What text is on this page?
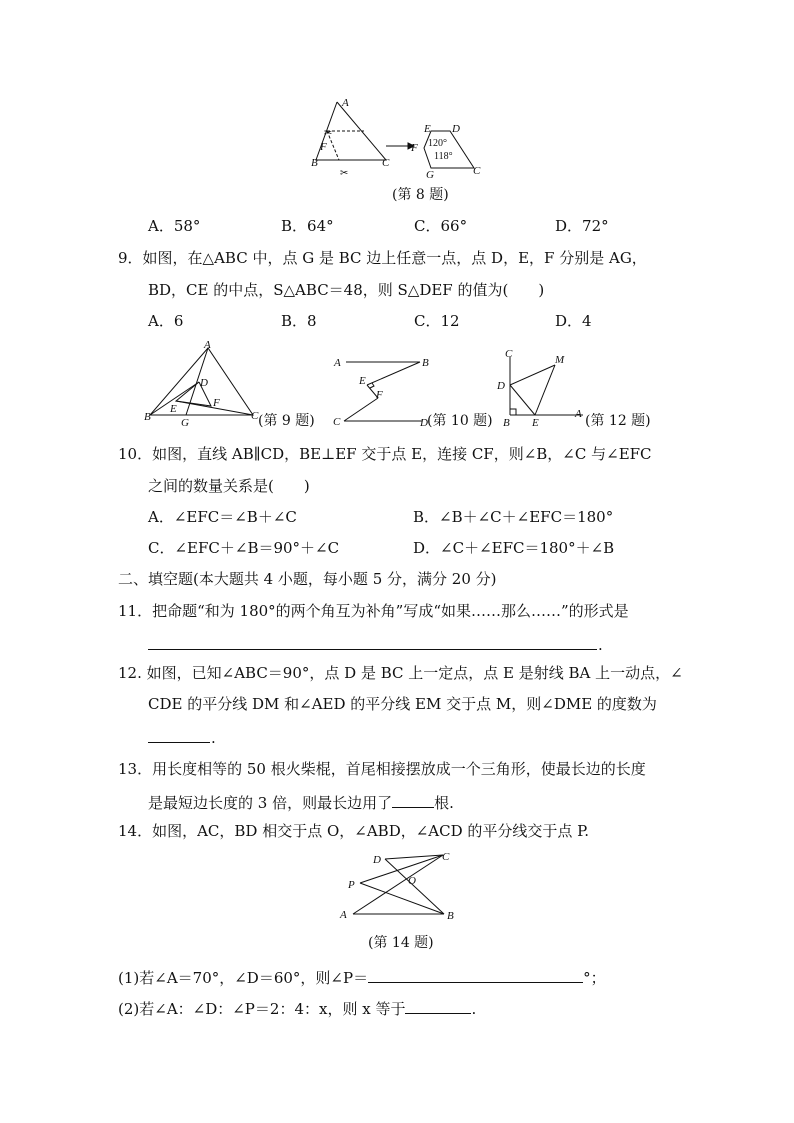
A
F
B	C
✂
✂
F
E D
G	C
120°
118°
(第 8 题)
A．58°	B．64°	C．66°	D．72°
9．如图，在△ABC 中，点 G 是 BC 边上任意一点，点 D，E，F 分别是 AG，
BD，CE 的中点，S△ABC＝48，则 S△DEF 的值为(　　)
A．6	B．8	C．12	D．4
A
D
E	F
B	G
C (第 9 题)
A	B
E
F
C	D (第 10 题)
C	M
D
B E
A (第 12 题)
10．如图，直线 AB∥CD，BE⊥EF 交于点 E，连接 CF，则∠B，∠C 与∠EFC
之间的数量关系是(　　)
A．∠EFC＝∠B＋∠C	B．∠B＋∠C＋∠EFC＝180°
C．∠EFC＋∠B＝90°＋∠C	D．∠C＋∠EFC＝180°＋∠B
二、填空题(本大题共 4 小题，每小题 5 分，满分 20 分)
11．把命题“和为 180°的两个角互为补角”写成“如果……那么……”的形式是
.
12. 如图，已知∠ABC＝90°，点 D 是 BC 上一定点，点 E 是射线 BA 上一动点，∠
CDE 的平分线 DM 和∠AED 的平分线 EM 交于点 M，则∠DME 的度数为
.
13．用长度相等的 50 根火柴棍，首尾相接摆放成一个三角形，使最长边的长度
是最短边长度的 3 倍，则最长边用了	根.
14．如图，AC，BD 相交于点 O，∠ABD，∠ACD 的平分线交于点 P.
D	C
P	O
A	B
(第 14 题)
(1)若∠A＝70°，∠D＝60°，则∠P＝	°；
(2)若∠A：∠D：∠P＝2：4：x，则 x 等于	.
